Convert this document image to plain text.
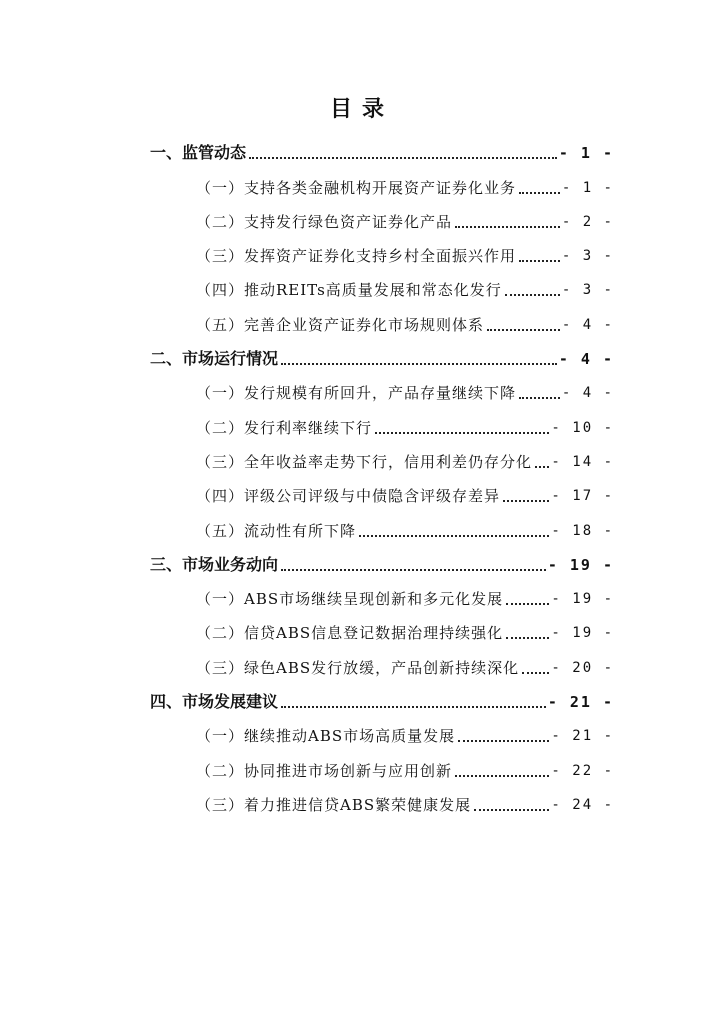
目录
一、监管动态	- 1 -
（一）支持各类金融机构开展资产证券化业务	- 1 -
（二）支持发行绿色资产证券化产品	- 2 -
（三）发挥资产证券化支持乡村全面振兴作用	- 3 -
（四）推动REITs高质量发展和常态化发行	- 3 -
（五）完善企业资产证券化市场规则体系	- 4 -
二、市场运行情况	- 4 -
（一）发行规模有所回升，产品存量继续下降	- 4 -
（二）发行利率继续下行	- 10 -
（三）全年收益率走势下行，信用利差仍存分化 - 14 -
（四）评级公司评级与中债隐含评级存差异	- 17 -
（五）流动性有所下降	- 18 -
三、市场业务动向	- 19 -
（一）ABS市场继续呈现创新和多元化发展	- 19 -
（二）信贷ABS信息登记数据治理持续强化	- 19 -
（三）绿色ABS发行放缓，产品创新持续深化 - 20 -
四、市场发展建议	- 21 -
（一）继续推动ABS市场高质量发展	- 21 -
（二）协同推进市场创新与应用创新	- 22 -
（三）着力推进信贷ABS繁荣健康发展	- 24 -
